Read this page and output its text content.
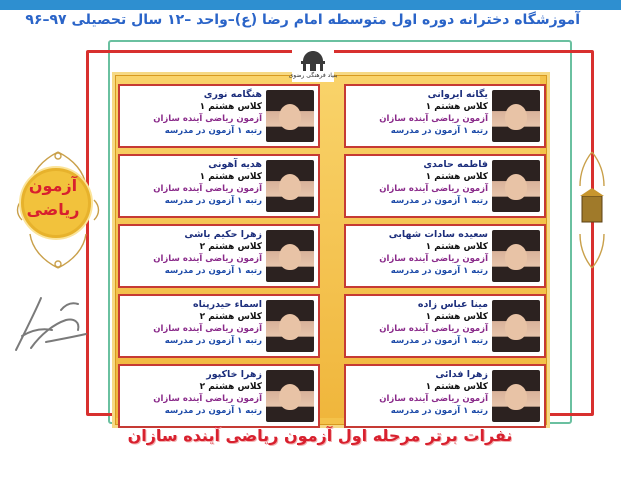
آموزشگاه دخترانه دوره اول متوسطه امام رضا (ع)–واحد –۱۲ سال تحصیلی ۹۷–۹۶
بنیاد فرهنگی رضوی
یگانه ایروانی
کلاس هشتم ۱
آزمون ریاضی آینده سازان
رتبه ۱ آزمون در مدرسه
فاطمه حامدی
کلاس هشتم ۱
آزمون ریاضی آینده سازان
رتبه ۱ آزمون در مدرسه
سعیده سادات شهابی
کلاس هشتم ۱
آزمون ریاضی آینده سازان
رتبه ۱ آزمون در مدرسه
مینا عباس زاده
کلاس هشتم ۱
آزمون ریاضی آینده سازان
رتبه ۱ آزمون در مدرسه
زهرا فدائی
کلاس هشتم ۱
آزمون ریاضی آینده سازان
رتبه ۱ آزمون در مدرسه
هنگامه نوری
کلاس هشتم ۱
آزمون ریاضی آینده سازان
رتبه ۱ آزمون در مدرسه
هدیه آهونی
کلاس هشتم ۱
آزمون ریاضی آینده سازان
رتبه ۱ آزمون در مدرسه
زهرا حکیم باشی
کلاس هشتم ۲
آزمون ریاضی آینده سازان
رتبه ۱ آزمون در مدرسه
اسماء حیدرپناه
کلاس هشتم ۲
آزمون ریاضی آینده سازان
رتبه ۱ آزمون در مدرسه
زهرا خاکپور
کلاس هشتم ۲
آزمون ریاضی آینده سازان
رتبه ۱ آزمون در مدرسه
آزمون
ریاضی
نفرات برتر مرحله اول آزمون ریاضی آینده سازان
